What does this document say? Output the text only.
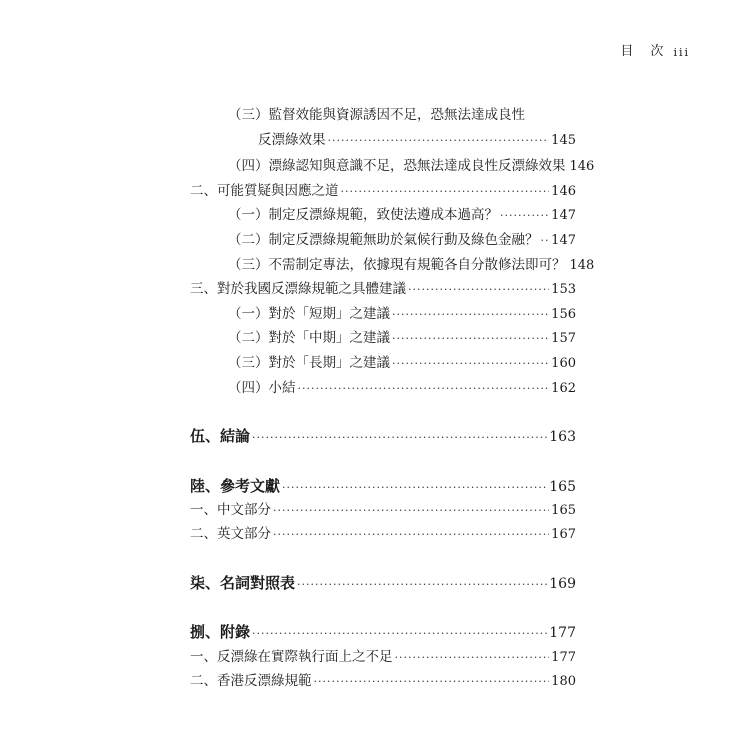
目　次 iii
（三）監督效能與資源誘因不足，恐無法達成良性
反漂綠效果 ·····	145
（四）漂綠認知與意識不足，恐無法達成良性反漂綠效果 146
二、可能質疑與因應之道 ·····	146
（一）制定反漂綠規範，致使法遵成本過高？ ·····	147
（二）制定反漂綠規範無助於氣候行動及綠色金融？ ····· 147
（三）不需制定專法，依據現有規範各自分散修法即可？ 148
三、對於我國反漂綠規範之具體建議 ·····	153
（一）對於「短期」之建議 ·····	156
（二）對於「中期」之建議 ·····	157
（三）對於「長期」之建議 ·····	160
（四）小結 ·····	162
伍、結論 ·····	163
陸、參考文獻 ·····	165
一、中文部分 ·····	165
二、英文部分 ·····	167
柒、名詞對照表 ·····	169
捌、附錄 ·····	177
一、反漂綠在實際執行面上之不足 ·····	177
二、香港反漂綠規範 ·····	180
